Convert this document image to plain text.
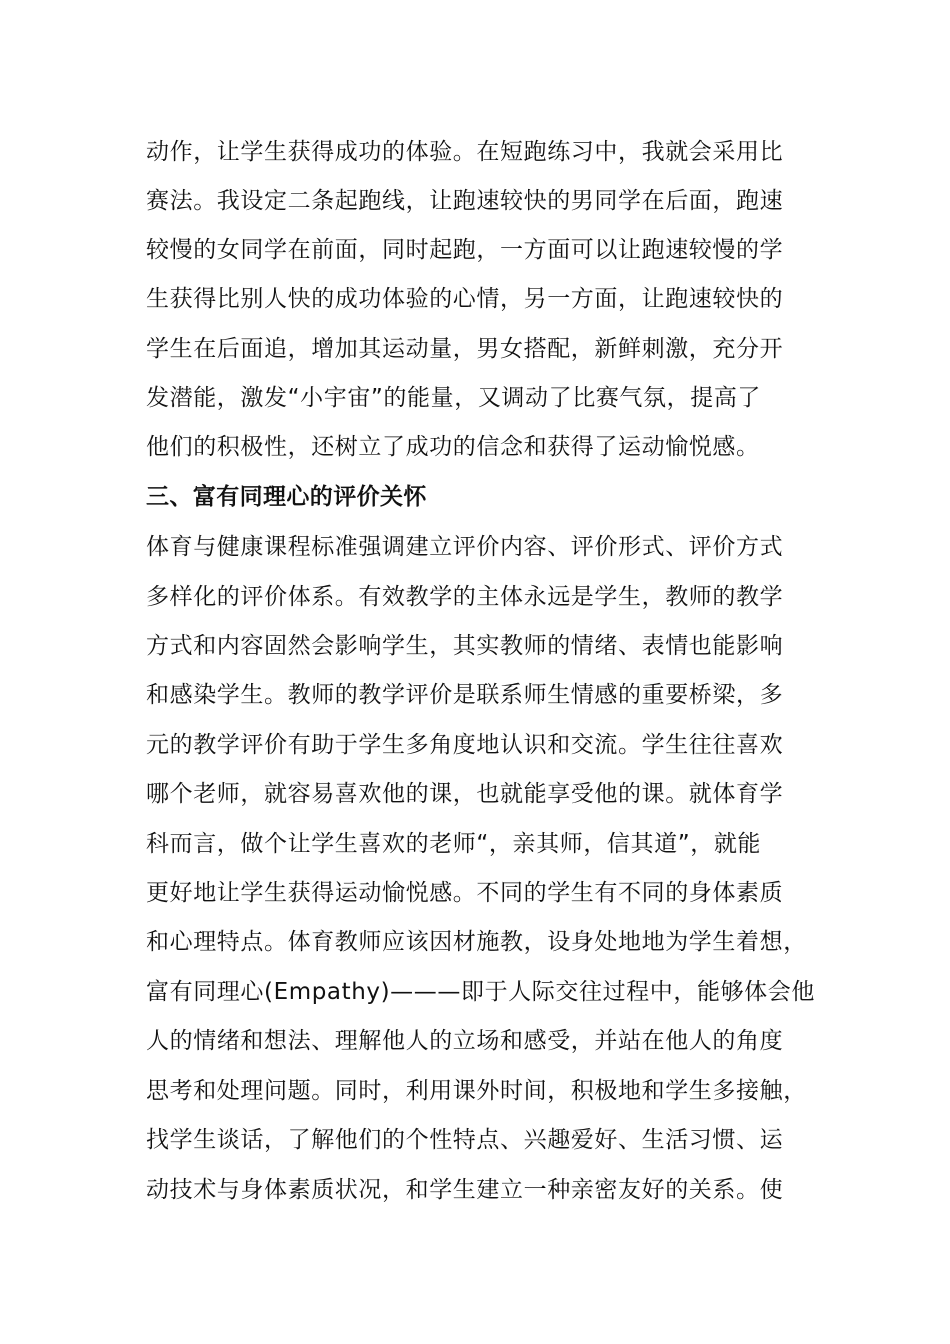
动作，让学生获得成功的体验。在短跑练习中，我就会采用比
赛法。我设定二条起跑线，让跑速较快的男同学在后面，跑速
较慢的女同学在前面，同时起跑，一方面可以让跑速较慢的学
生获得比别人快的成功体验的心情，另一方面，让跑速较快的
学生在后面追，增加其运动量，男女搭配，新鲜刺激，充分开
发潜能，激发“小宇宙”的能量，又调动了比赛气氛，提高了
他们的积极性，还树立了成功的信念和获得了运动愉悦感。
三、富有同理心的评价关怀
体育与健康课程标准强调建立评价内容、评价形式、评价方式
多样化的评价体系。有效教学的主体永远是学生，教师的教学
方式和内容固然会影响学生，其实教师的情绪、表情也能影响
和感染学生。教师的教学评价是联系师生情感的重要桥梁，多
元的教学评价有助于学生多角度地认识和交流。学生往往喜欢
哪个老师，就容易喜欢他的课，也就能享受他的课。就体育学
科而言，做个让学生喜欢的老师“，亲其师，信其道”，就能
更好地让学生获得运动愉悦感。不同的学生有不同的身体素质
和心理特点。体育教师应该因材施教，设身处地地为学生着想，
富有同理心(Empathy)———即于人际交往过程中，能够体会他
人的情绪和想法、理解他人的立场和感受，并站在他人的角度
思考和处理问题。同时，利用课外时间，积极地和学生多接触，
找学生谈话，了解他们的个性特点、兴趣爱好、生活习惯、运
动技术与身体素质状况，和学生建立一种亲密友好的关系。使
